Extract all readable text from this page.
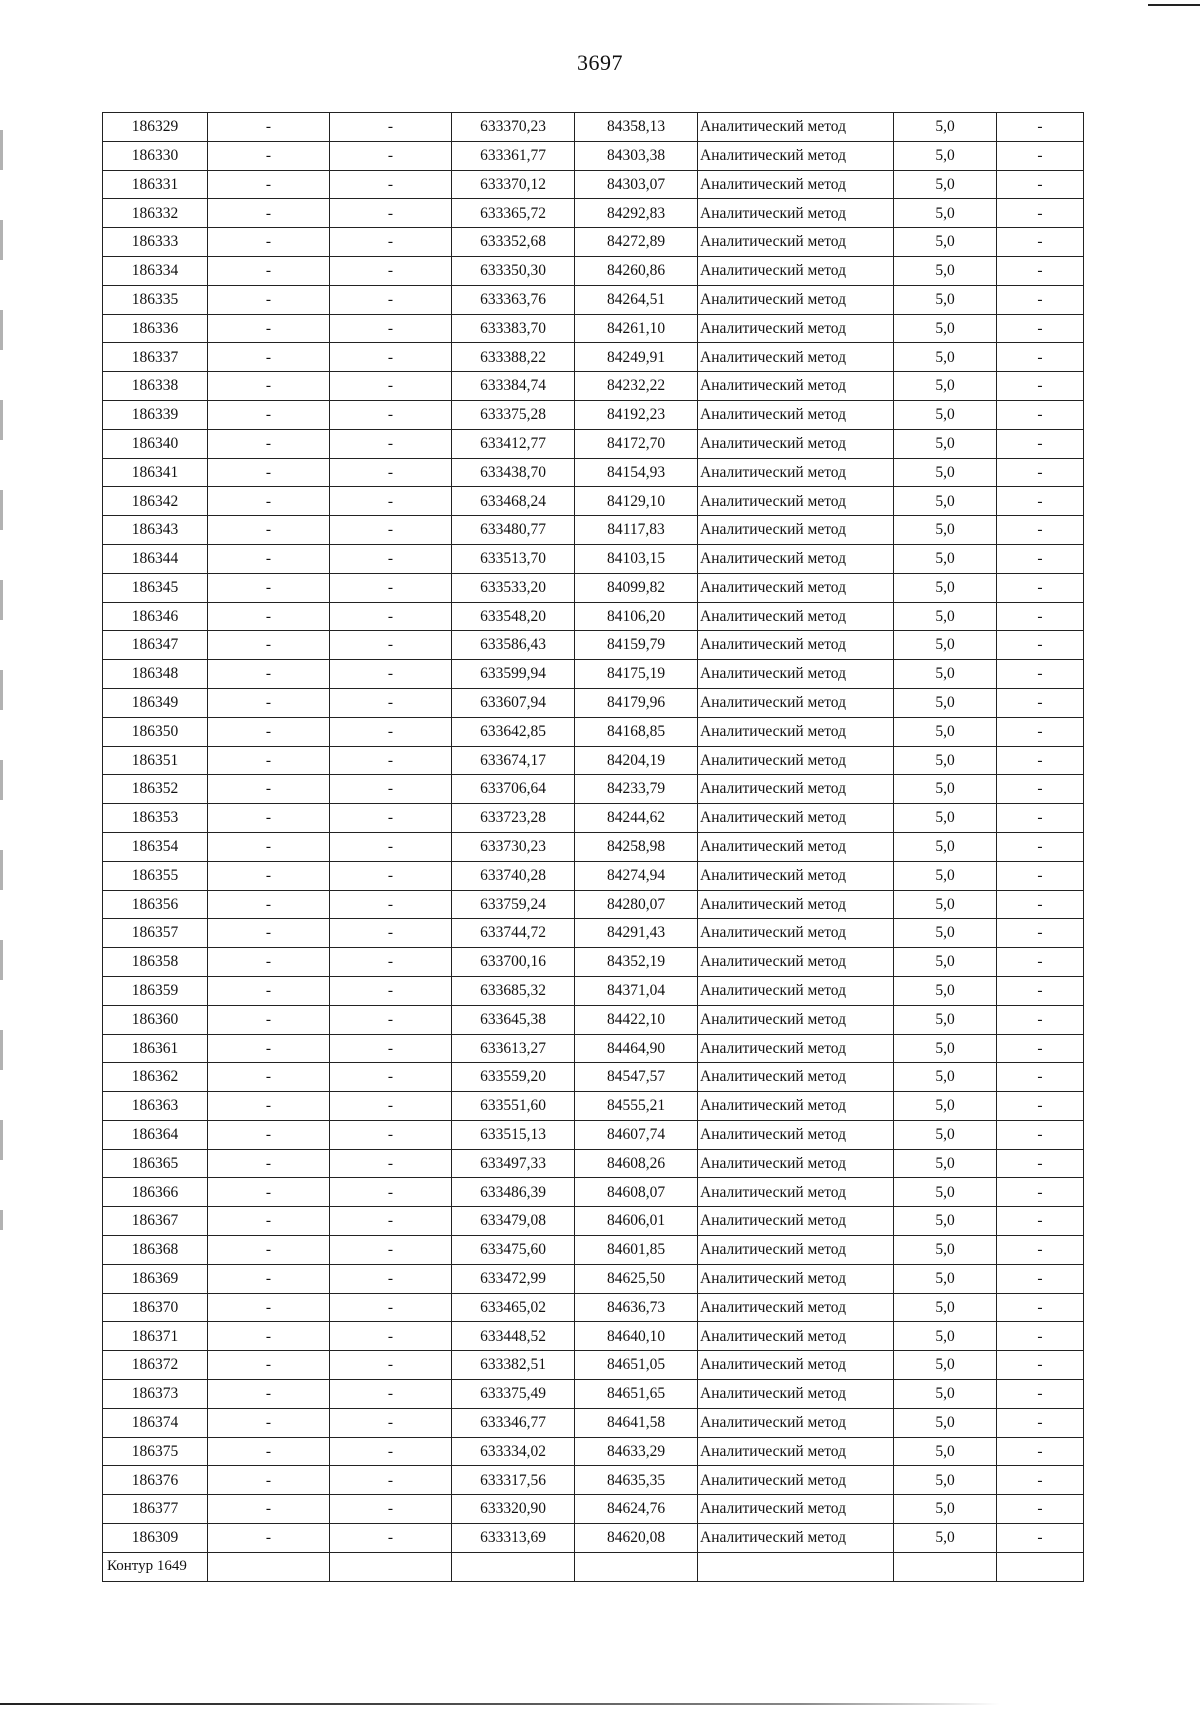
3697
186329	-	-	633370,23	84358,13	Аналитический метод	5,0	-
186330	-	-	633361,77	84303,38	Аналитический метод	5,0	-
186331	-	-	633370,12	84303,07	Аналитический метод	5,0	-
186332	-	-	633365,72	84292,83	Аналитический метод	5,0	-
186333	-	-	633352,68	84272,89	Аналитический метод	5,0	-
186334	-	-	633350,30	84260,86	Аналитический метод	5,0	-
186335	-	-	633363,76	84264,51	Аналитический метод	5,0	-
186336	-	-	633383,70	84261,10	Аналитический метод	5,0	-
186337	-	-	633388,22	84249,91	Аналитический метод	5,0	-
186338	-	-	633384,74	84232,22	Аналитический метод	5,0	-
186339	-	-	633375,28	84192,23	Аналитический метод	5,0	-
186340	-	-	633412,77	84172,70	Аналитический метод	5,0	-
186341	-	-	633438,70	84154,93	Аналитический метод	5,0	-
186342	-	-	633468,24	84129,10	Аналитический метод	5,0	-
186343	-	-	633480,77	84117,83	Аналитический метод	5,0	-
186344	-	-	633513,70	84103,15	Аналитический метод	5,0	-
186345	-	-	633533,20	84099,82	Аналитический метод	5,0	-
186346	-	-	633548,20	84106,20	Аналитический метод	5,0	-
186347	-	-	633586,43	84159,79	Аналитический метод	5,0	-
186348	-	-	633599,94	84175,19	Аналитический метод	5,0	-
186349	-	-	633607,94	84179,96	Аналитический метод	5,0	-
186350	-	-	633642,85	84168,85	Аналитический метод	5,0	-
186351	-	-	633674,17	84204,19	Аналитический метод	5,0	-
186352	-	-	633706,64	84233,79	Аналитический метод	5,0	-
186353	-	-	633723,28	84244,62	Аналитический метод	5,0	-
186354	-	-	633730,23	84258,98	Аналитический метод	5,0	-
186355	-	-	633740,28	84274,94	Аналитический метод	5,0	-
186356	-	-	633759,24	84280,07	Аналитический метод	5,0	-
186357	-	-	633744,72	84291,43	Аналитический метод	5,0	-
186358	-	-	633700,16	84352,19	Аналитический метод	5,0	-
186359	-	-	633685,32	84371,04	Аналитический метод	5,0	-
186360	-	-	633645,38	84422,10	Аналитический метод	5,0	-
186361	-	-	633613,27	84464,90	Аналитический метод	5,0	-
186362	-	-	633559,20	84547,57	Аналитический метод	5,0	-
186363	-	-	633551,60	84555,21	Аналитический метод	5,0	-
186364	-	-	633515,13	84607,74	Аналитический метод	5,0	-
186365	-	-	633497,33	84608,26	Аналитический метод	5,0	-
186366	-	-	633486,39	84608,07	Аналитический метод	5,0	-
186367	-	-	633479,08	84606,01	Аналитический метод	5,0	-
186368	-	-	633475,60	84601,85	Аналитический метод	5,0	-
186369	-	-	633472,99	84625,50	Аналитический метод	5,0	-
186370	-	-	633465,02	84636,73	Аналитический метод	5,0	-
186371	-	-	633448,52	84640,10	Аналитический метод	5,0	-
186372	-	-	633382,51	84651,05	Аналитический метод	5,0	-
186373	-	-	633375,49	84651,65	Аналитический метод	5,0	-
186374	-	-	633346,77	84641,58	Аналитический метод	5,0	-
186375	-	-	633334,02	84633,29	Аналитический метод	5,0	-
186376	-	-	633317,56	84635,35	Аналитический метод	5,0	-
186377	-	-	633320,90	84624,76	Аналитический метод	5,0	-
186309	-	-	633313,69	84620,08	Аналитический метод	5,0	-
Контур 1649							
